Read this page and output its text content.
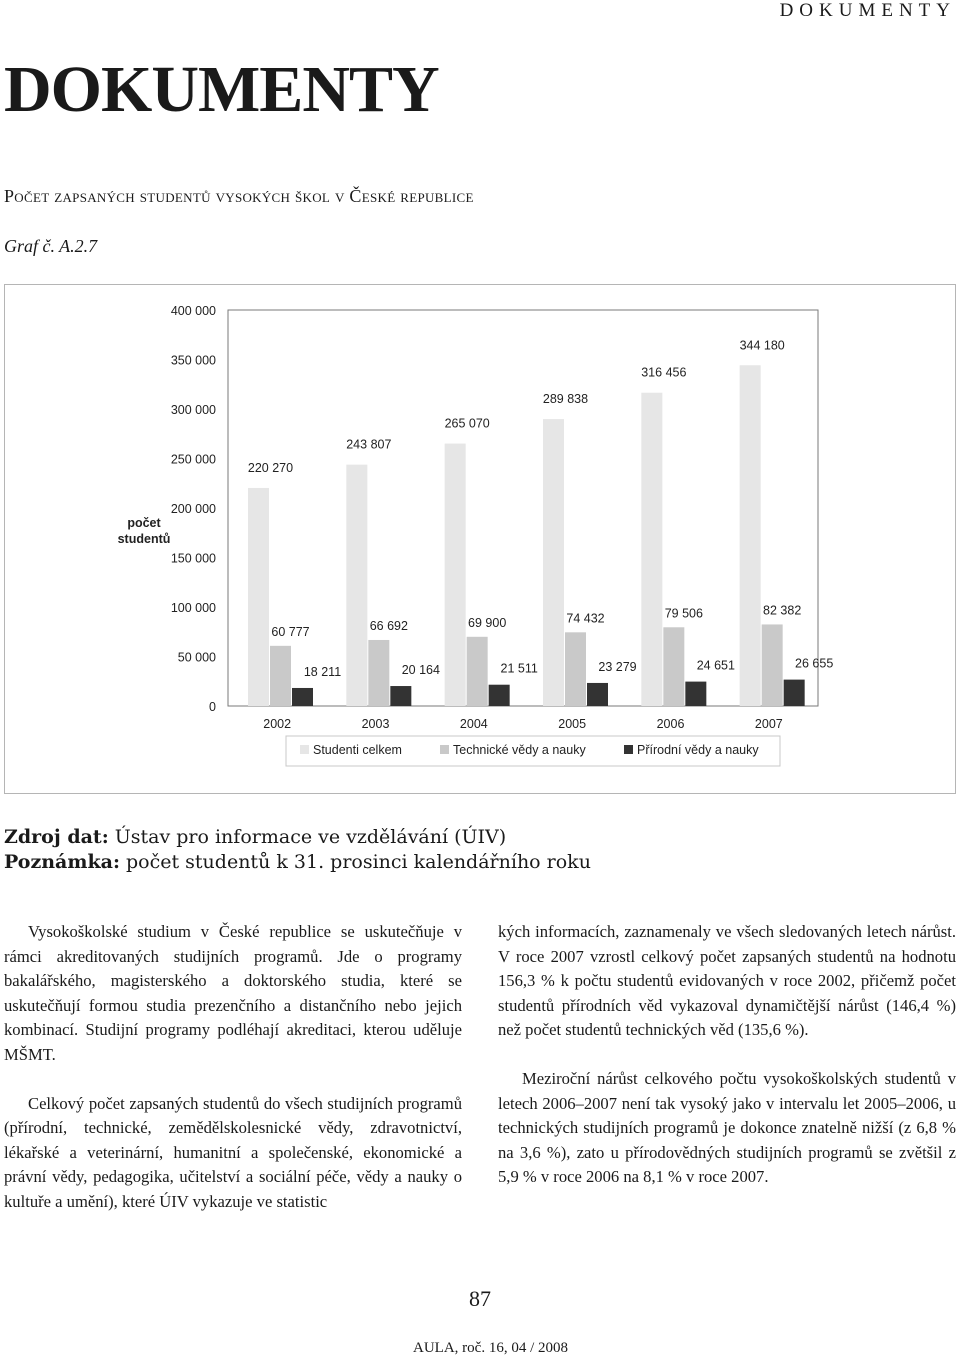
DOKUMENTY
DOKUMENTY
Počet zapsaných studentů vysokých škol v České republice
Graf č. A.2.7
0
50 000
100 000
150 000
200 000
250 000
300 000
350 000
400 000
počet
studentů
220 270
60 777
18 211
2002
243 807
66 692
20 164
2003
265 070
69 900
21 511
2004
289 838
74 432
23 279
2005
316 456
79 506
24 651
2006
344 180
82 382
26 655
2007
Studenti celkem	Technické vědy a nauky	Přírodní vědy a nauky
Zdroj dat: Ústav pro informace ve vzdělávání (ÚIV)
Poznámka: počet studentů k 31. prosinci kalendářního roku

Vysokoškolské studium v České republice se uskutečňuje v rámci akreditovaných studijních programů. Jde o programy bakalářského, magisterského a doktorského studia, které se uskutečňují formou studia prezenčního a distančního nebo jejich kombinací. Studijní programy podléhají akreditaci, kterou uděluje MŠMT.

Celkový počet zapsaných studentů do všech studijních programů (přírodní, technické, zemědělskolesnické vědy, zdravotnictví, lékařské a veterinární, humanitní a společenské, ekonomické a právní vědy, pedagogika, učitelství a sociální péče, vědy a nauky o kultuře a umění), které ÚIV vykazuje ve statistic

kých informacích, zaznamenaly ve všech sledovaných letech nárůst. V roce 2007 vzrostl celkový počet zapsaných studentů na hodnotu 156,3 % k počtu studentů evidovaných v roce 2002, přičemž počet studentů přírodních věd vykazoval dynamičtější nárůst (146,4 %) než počet studentů technických věd (135,6 %).

Meziroční nárůst celkového počtu vysokoškolských studentů v letech 2006–2007 není tak vysoký jako v intervalu let 2005–2006, u technických studijních programů je dokonce znatelně nižší (z 6,8 % na 3,6 %), zato u přírodovědných studijních programů se zvětšil z 5,9 % v roce 2006 na 8,1 % v roce 2007.

87
AULA, roč. 16, 04 / 2008
